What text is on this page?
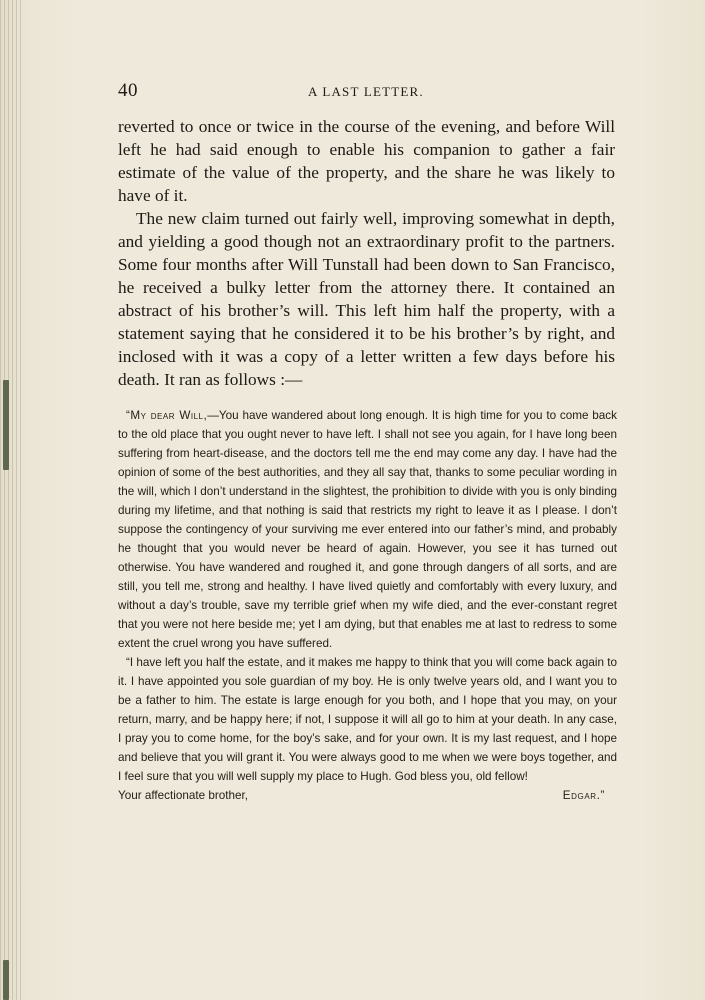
40	A LAST LETTER.

reverted to once or twice in the course of the evening, and before Will left he had said enough to enable his companion to gather a fair estimate of the value of the property, and the share he was likely to have of it.

The new claim turned out fairly well, improving somewhat in depth, and yielding a good though not an extraordinary profit to the partners. Some four months after Will Tunstall had been down to San Francisco, he received a bulky letter from the attorney there. It contained an abstract of his brother’s will. This left him half the property, with a statement saying that he considered it to be his brother’s by right, and inclosed with it was a copy of a letter written a few days before his death. It ran as follows :—

“My dear Will,—You have wandered about long enough. It is high time for you to come back to the old place that you ought never to have left. I shall not see you again, for I have long been suffering from heart-disease, and the doctors tell me the end may come any day. I have had the opinion of some of the best authorities, and they all say that, thanks to some peculiar wording in the will, which I don’t understand in the slightest, the prohibition to divide with you is only binding during my lifetime, and that nothing is said that restricts my right to leave it as I please. I don’t suppose the contingency of your surviving me ever entered into our father’s mind, and probably he thought that you would never be heard of again. However, you see it has turned out otherwise. You have wandered and roughed it, and gone through dangers of all sorts, and are still, you tell me, strong and healthy. I have lived quietly and comfortably with every luxury, and without a day’s trouble, save my terrible grief when my wife died, and the ever-constant regret that you were not here beside me; yet I am dying, but that enables me at last to redress to some extent the cruel wrong you have suffered.

“I have left you half the estate, and it makes me happy to think that you will come back again to it. I have appointed you sole guardian of my boy. He is only twelve years old, and I want you to be a father to him. The estate is large enough for you both, and I hope that you may, on your return, marry, and be happy here; if not, I suppose it will all go to him at your death. In any case, I pray you to come home, for the boy’s sake, and for your own. It is my last request, and I hope and believe that you will grant it. You were always good to me when we were boys together, and I feel sure that you will well supply my place to Hugh. God bless you, old fellow!

Your affectionate brother,	Edgar.”
